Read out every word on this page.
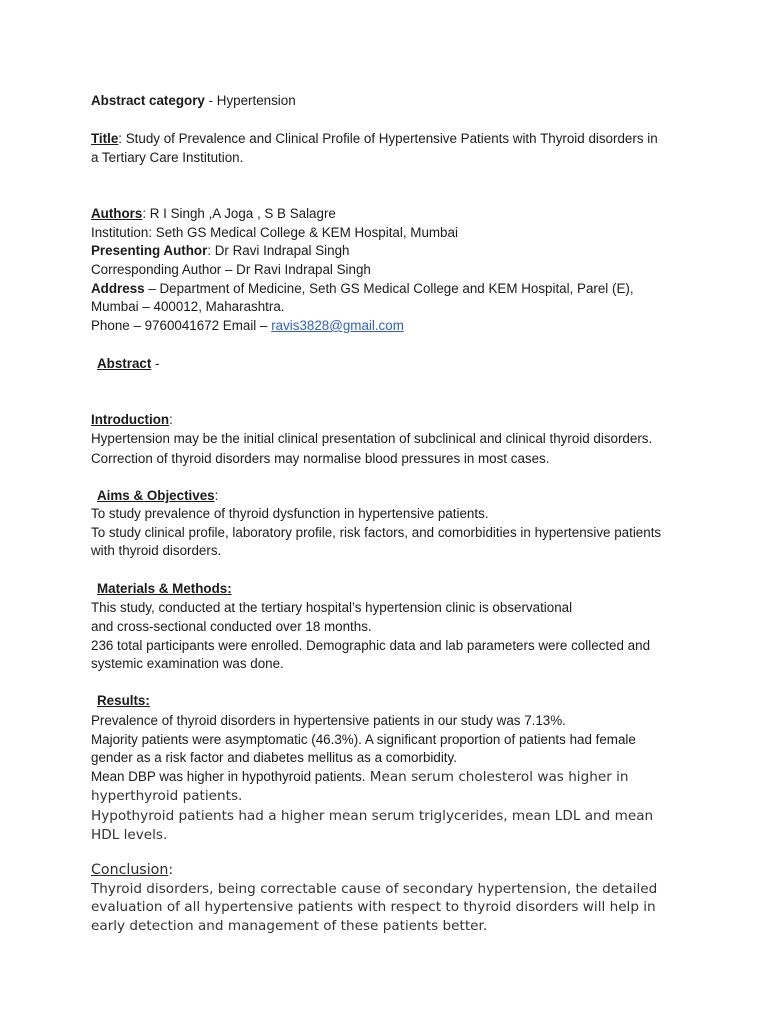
Abstract category - Hypertension
Title: Study of Prevalence and Clinical Profile of Hypertensive Patients with Thyroid disorders in
a Tertiary Care Institution.
Authors: R I Singh ,A Joga , S B Salagre
Institution: Seth GS Medical College & KEM Hospital, Mumbai
Presenting Author: Dr Ravi Indrapal Singh
Corresponding Author – Dr Ravi Indrapal Singh
Address – Department of Medicine, Seth GS Medical College and KEM Hospital, Parel (E),
Mumbai – 400012, Maharashtra.
Phone – 9760041672 Email – ravis3828@gmail.com
Abstract -
Introduction:
Hypertension may be the initial clinical presentation of subclinical and clinical thyroid disorders.
Correction of thyroid disorders may normalise blood pressures in most cases.
Aims & Objectives:
To study prevalence of thyroid dysfunction in hypertensive patients.
To study clinical profile, laboratory profile, risk factors, and comorbidities in hypertensive patients
with thyroid disorders.
Materials & Methods:
This study, conducted at the tertiary hospital’s hypertension clinic is observational
and cross-sectional conducted over 18 months.
236 total participants were enrolled. Demographic data and lab parameters were collected and
systemic examination was done.
Results:
Prevalence of thyroid disorders in hypertensive patients in our study was 7.13%.
Majority patients were asymptomatic (46.3%). A significant proportion of patients had female
gender as a risk factor and diabetes mellitus as a comorbidity.
Mean DBP was higher in hypothyroid patients. Mean serum cholesterol was higher in
hyperthyroid patients.
Hypothyroid patients had a higher mean serum triglycerides, mean LDL and mean
HDL levels.
Conclusion:
Thyroid disorders, being correctable cause of secondary hypertension, the detailed
evaluation of all hypertensive patients with respect to thyroid disorders will help in
early detection and management of these patients better.
